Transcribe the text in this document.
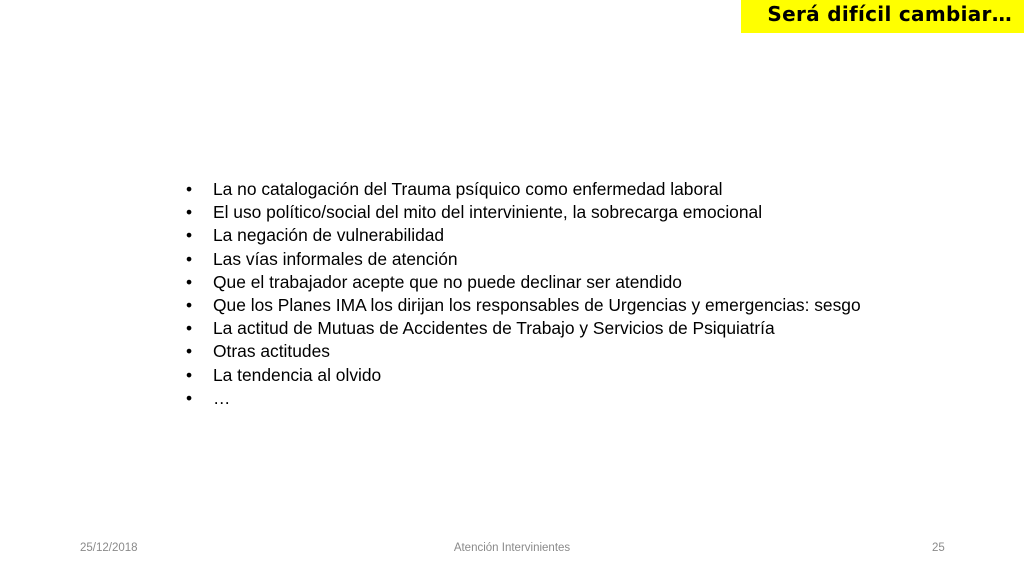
Será difícil cambiar…
•	La no catalogación del Trauma psíquico como enfermedad laboral
•	El uso político/social del mito del interviniente, la sobrecarga emocional
•	La negación de vulnerabilidad
•	Las vías informales de atención
•	Que el trabajador acepte que no puede declinar ser atendido
•	Que los Planes IMA los dirijan los responsables de Urgencias y emergencias: sesgo
•	La actitud de Mutuas de Accidentes de Trabajo y Servicios de Psiquiatría
•	Otras actitudes
•	La tendencia al olvido
•	…
25/12/2018	Atención Intervinientes	25
